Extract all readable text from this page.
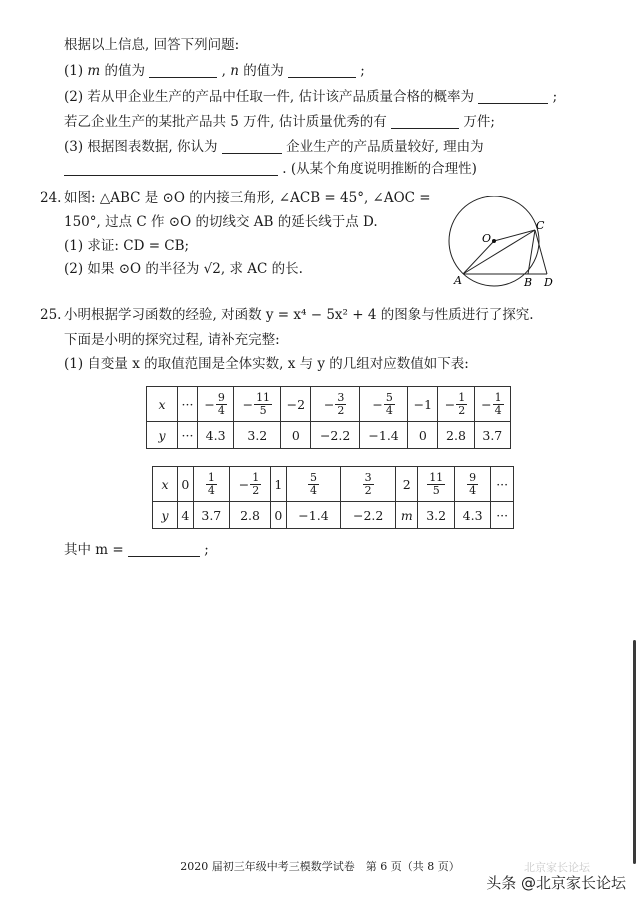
根据以上信息, 回答下列问题:
(1) m 的值为	, n 的值为	;
(2) 若从甲企业生产的产品中任取一件, 估计该产品质量合格的概率为	;
若乙企业生产的某批产品共 5 万件, 估计质量优秀的有	万件;
(3) 根据图表数据, 你认为	企业生产的产品质量较好, 理由为
. (从某个角度说明推断的合理性)
24. 如图: △ABC 是 ⊙O 的内接三角形, ∠ACB = 45°, ∠AOC =
150°, 过点 C 作 ⊙O 的切线交 AB 的延长线于点 D.
(1) 求证: CD = CB;
(2) 如果 ⊙O 的半径为 √2, 求 AC 的长.
O
C
A	B D
25. 小明根据学习函数的经验, 对函数 y = x⁴ − 5x² + 4 的图象与性质进行了探究.
下面是小明的探究过程, 请补充完整:
(1) 自变量 x 的取值范围是全体实数, x 与 y 的几组对应数值如下表:
x	···	− $\frac{9}{4}$	− $\frac{11}{5}$	−2	− $\frac{3}{2}$	− $\frac{5}{4}$	−1	− $\frac{1}{2}$	− $\frac{1}{4}$

y	···	4.3	3.2	0	−2.2	−1.4	0	2.8	3.7
x	0	$\frac{1}{4}$	− $\frac{1}{2}$	1	$\frac{5}{4}$	$\frac{3}{2}$	2	$\frac{11}{5}$	$\frac{9}{4}$	···
y	4	3.7	2.8	0	−1.4	−2.2	m	3.2	4.3	···
其中 m =	;
2020 届初三年级中考三模数学试卷　第 6 页（共 8 页）	北京家长论坛
头条 @北京家长论坛
